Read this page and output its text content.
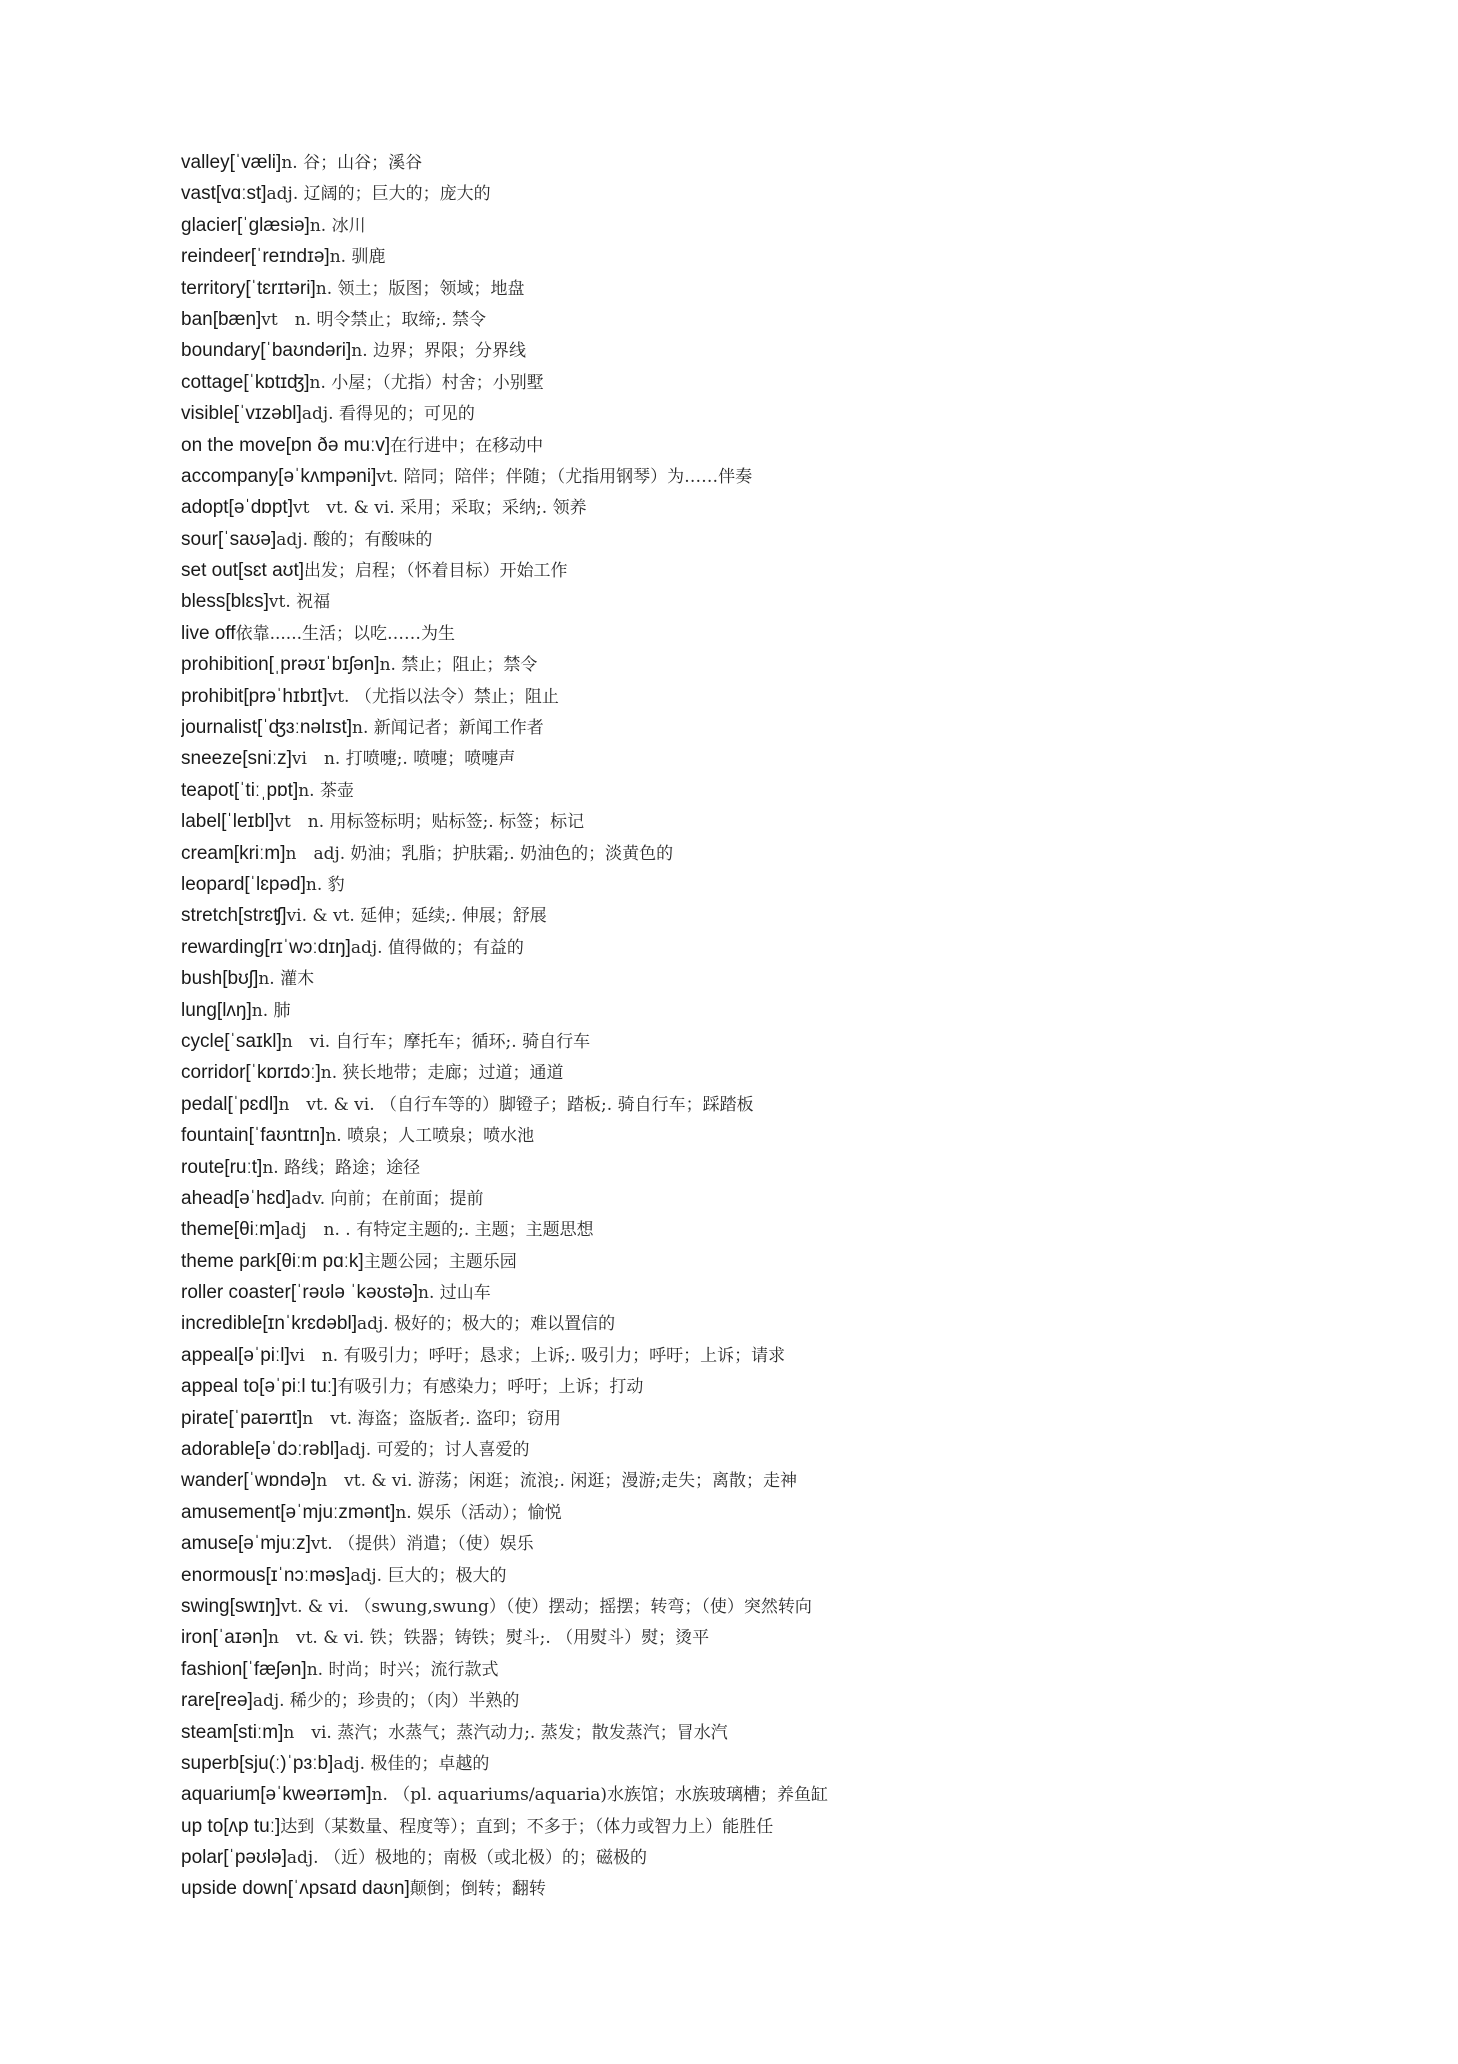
valley[ˈvæli]n. 谷；山谷；溪谷
vast[vɑːst]adj. 辽阔的；巨大的；庞大的
glacier[ˈglæsiə]n. 冰川
reindeer[ˈreɪndɪə]n. 驯鹿
territory[ˈtɛrɪtəri]n. 领土；版图；领域；地盘
ban[bæn]vt　n. 明令禁止；取缔;. 禁令
boundary[ˈbaʊndəri]n. 边界；界限；分界线
cottage[ˈkɒtɪʤ]n. 小屋；（尤指）村舍；小别墅
visible[ˈvɪzəbl]adj. 看得见的；可见的
on the move[ɒn ðə muːv]在行进中；在移动中
accompany[əˈkʌmpəni]vt. 陪同；陪伴；伴随；（尤指用钢琴）为……伴奏
adopt[əˈdɒpt]vt　vt. & vi. 采用；采取；采纳;. 领养
sour[ˈsaʊə]adj. 酸的；有酸味的
set out[sɛt aʊt]出发；启程；（怀着目标）开始工作
bless[blɛs]vt. 祝福
live off依靠......生活；以吃……为生
prohibition[ˌprəʊɪˈbɪʃən]n. 禁止；阻止；禁令
prohibit[prəˈhɪbɪt]vt. （尤指以法令）禁止；阻止
journalist[ˈʤɜːnəlɪst]n. 新闻记者；新闻工作者
sneeze[sniːz]vi　n. 打喷嚏;. 喷嚏；喷嚏声
teapot[ˈtiːˌpɒt]n. 茶壶
label[ˈleɪbl]vt　n. 用标签标明；贴标签;. 标签；标记
cream[kriːm]n　adj. 奶油；乳脂；护肤霜;. 奶油色的；淡黄色的
leopard[ˈlɛpəd]n. 豹
stretch[strɛʧ]vi. & vt. 延伸；延续;. 伸展；舒展
rewarding[rɪˈwɔːdɪŋ]adj. 值得做的；有益的
bush[bʊʃ]n. 灌木
lung[lʌŋ]n. 肺
cycle[ˈsaɪkl]n　vi. 自行车；摩托车；循环;. 骑自行车
corridor[ˈkɒrɪdɔː]n. 狭长地带；走廊；过道；通道
pedal[ˈpɛdl]n　vt. & vi. （自行车等的）脚镫子；踏板;. 骑自行车；踩踏板
fountain[ˈfaʊntɪn]n. 喷泉；人工喷泉；喷水池
route[ruːt]n. 路线；路途；途径
ahead[əˈhɛd]adv. 向前；在前面；提前
theme[θiːm]adj　n. . 有特定主题的;. 主题；主题思想
theme park[θiːm pɑːk]主题公园；主题乐园
roller coaster[ˈrəʊlə ˈkəʊstə]n. 过山车
incredible[ɪnˈkrɛdəbl]adj. 极好的；极大的；难以置信的
appeal[əˈpiːl]vi　n. 有吸引力；呼吁；恳求；上诉;. 吸引力；呼吁；上诉；请求
appeal to[əˈpiːl tuː]有吸引力；有感染力；呼吁；上诉；打动
pirate[ˈpaɪərɪt]n　vt. 海盗；盗版者;. 盗印；窃用
adorable[əˈdɔːrəbl]adj. 可爱的；讨人喜爱的
wander[ˈwɒndə]n　vt. & vi. 游荡；闲逛；流浪;. 闲逛；漫游;走失；离散；走神
amusement[əˈmjuːzmənt]n. 娱乐（活动）；愉悦
amuse[əˈmjuːz]vt. （提供）消遣；（使）娱乐
enormous[ɪˈnɔːməs]adj. 巨大的；极大的
swing[swɪŋ]vt. & vi. （swung,swung）（使）摆动；摇摆；转弯；（使）突然转向
iron[ˈaɪən]n　vt. & vi. 铁；铁器；铸铁；熨斗;. （用熨斗）熨；烫平
fashion[ˈfæʃən]n. 时尚；时兴；流行款式
rare[reə]adj. 稀少的；珍贵的；（肉）半熟的
steam[stiːm]n　vi. 蒸汽；水蒸气；蒸汽动力;. 蒸发；散发蒸汽；冒水汽
superb[sju(ː)ˈpɜːb]adj. 极佳的；卓越的
aquarium[əˈkweərɪəm]n. （pl. aquariums/aquaria)水族馆；水族玻璃槽；养鱼缸
up to[ʌp tuː]达到（某数量、程度等）；直到；不多于；（体力或智力上）能胜任
polar[ˈpəʊlə]adj. （近）极地的；南极（或北极）的；磁极的
upside down[ˈʌpsaɪd daʊn]颠倒；倒转；翻转
